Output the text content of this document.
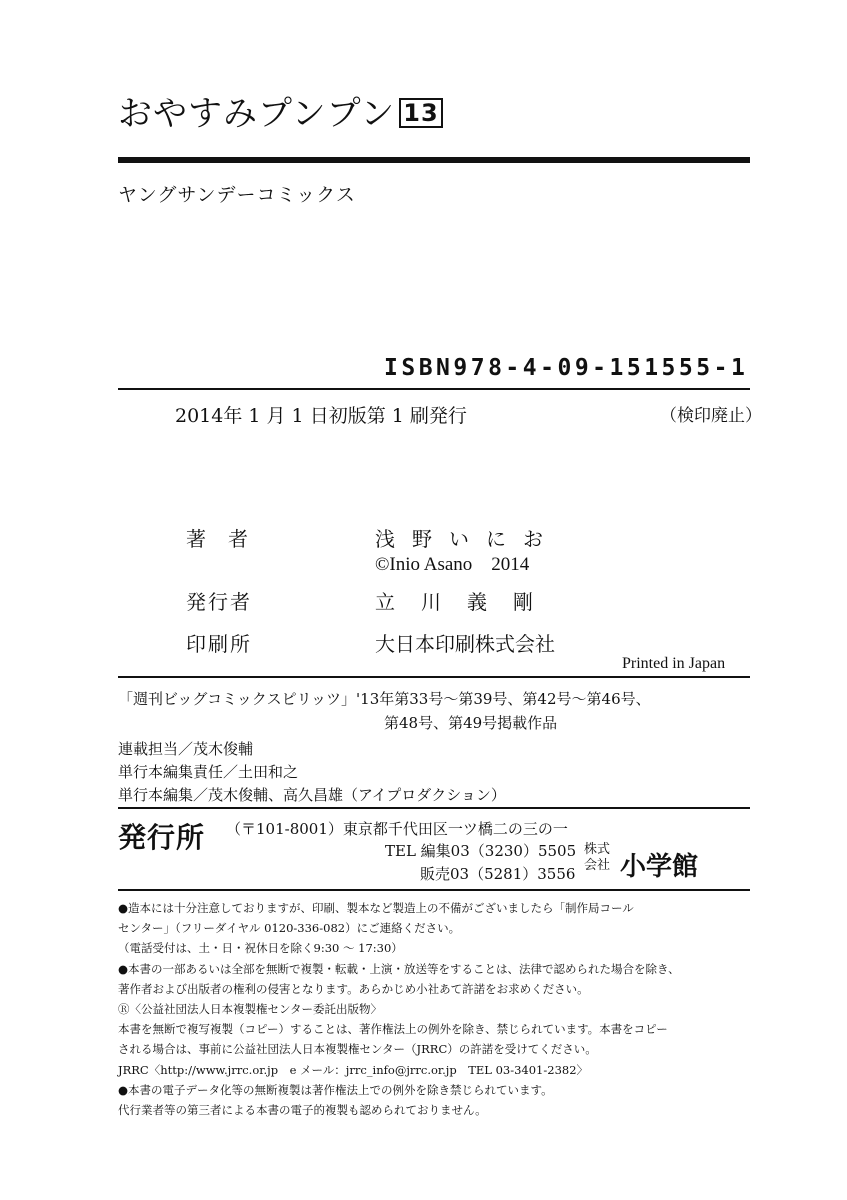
おやすみプンプン 13
ヤングサンデーコミックス
ISBN978-4-09-151555-1
2014年 1 月 1 日初版第 1 刷発行	（検印廃止）
著者	浅野いにお
©Inio Asano　2014
発行者	立川義剛
印刷所	大日本印刷株式会社
Printed in Japan
「週刊ビッグコミックスピリッツ」'13年第33号～第39号、第42号～第46号、
第48号、第49号掲載作品
連載担当／茂木俊輔
単行本編集責任／土田和之
単行本編集／茂木俊輔、高久昌雄（アイプロダクション）
発行所 （〒101-8001）東京都千代田区一ツ橋二の三の一
TEL 編集03（3230）5505
販売03（5281）3556
株式会社 小学館
●造本には十分注意しておりますが、印刷、製本など製造上の不備がございましたら「制作局コール
センター」（フリーダイヤル 0120-336-082）にご連絡ください。
（電話受付は、土・日・祝休日を除く9:30 ～ 17:30）
●本書の一部あるいは全部を無断で複製・転載・上演・放送等をすることは、法律で認められた場合を除き、
著作者および出版者の権利の侵害となります。あらかじめ小社あて許諾をお求めください。
Ⓡ〈公益社団法人日本複製権センター委託出版物〉
本書を無断で複写複製（コピー）することは、著作権法上の例外を除き、禁じられています。本書をコピー
される場合は、事前に公益社団法人日本複製権センター（JRRC）の許諾を受けてください。
JRRC〈http://www.jrrc.or.jp　e メール：jrrc_info@jrrc.or.jp　TEL 03-3401-2382〉
●本書の電子データ化等の無断複製は著作権法上での例外を除き禁じられています。
代行業者等の第三者による本書の電子的複製も認められておりません。
